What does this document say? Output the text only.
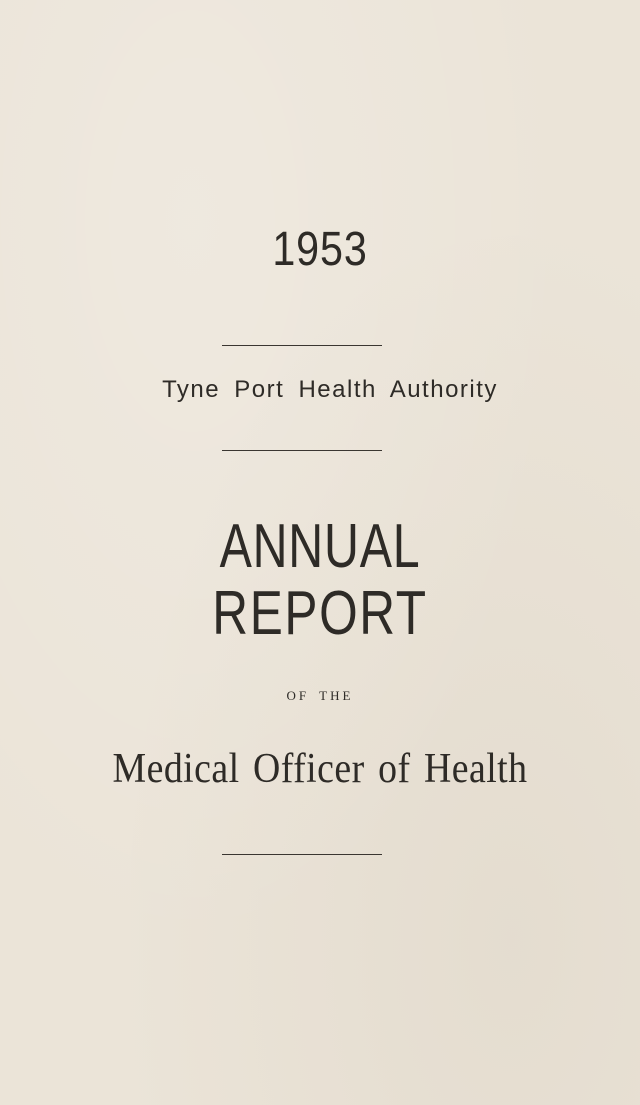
1953
Tyne Port Health Authority
ANNUAL
REPORT
OF THE
Medical Officer of Health
